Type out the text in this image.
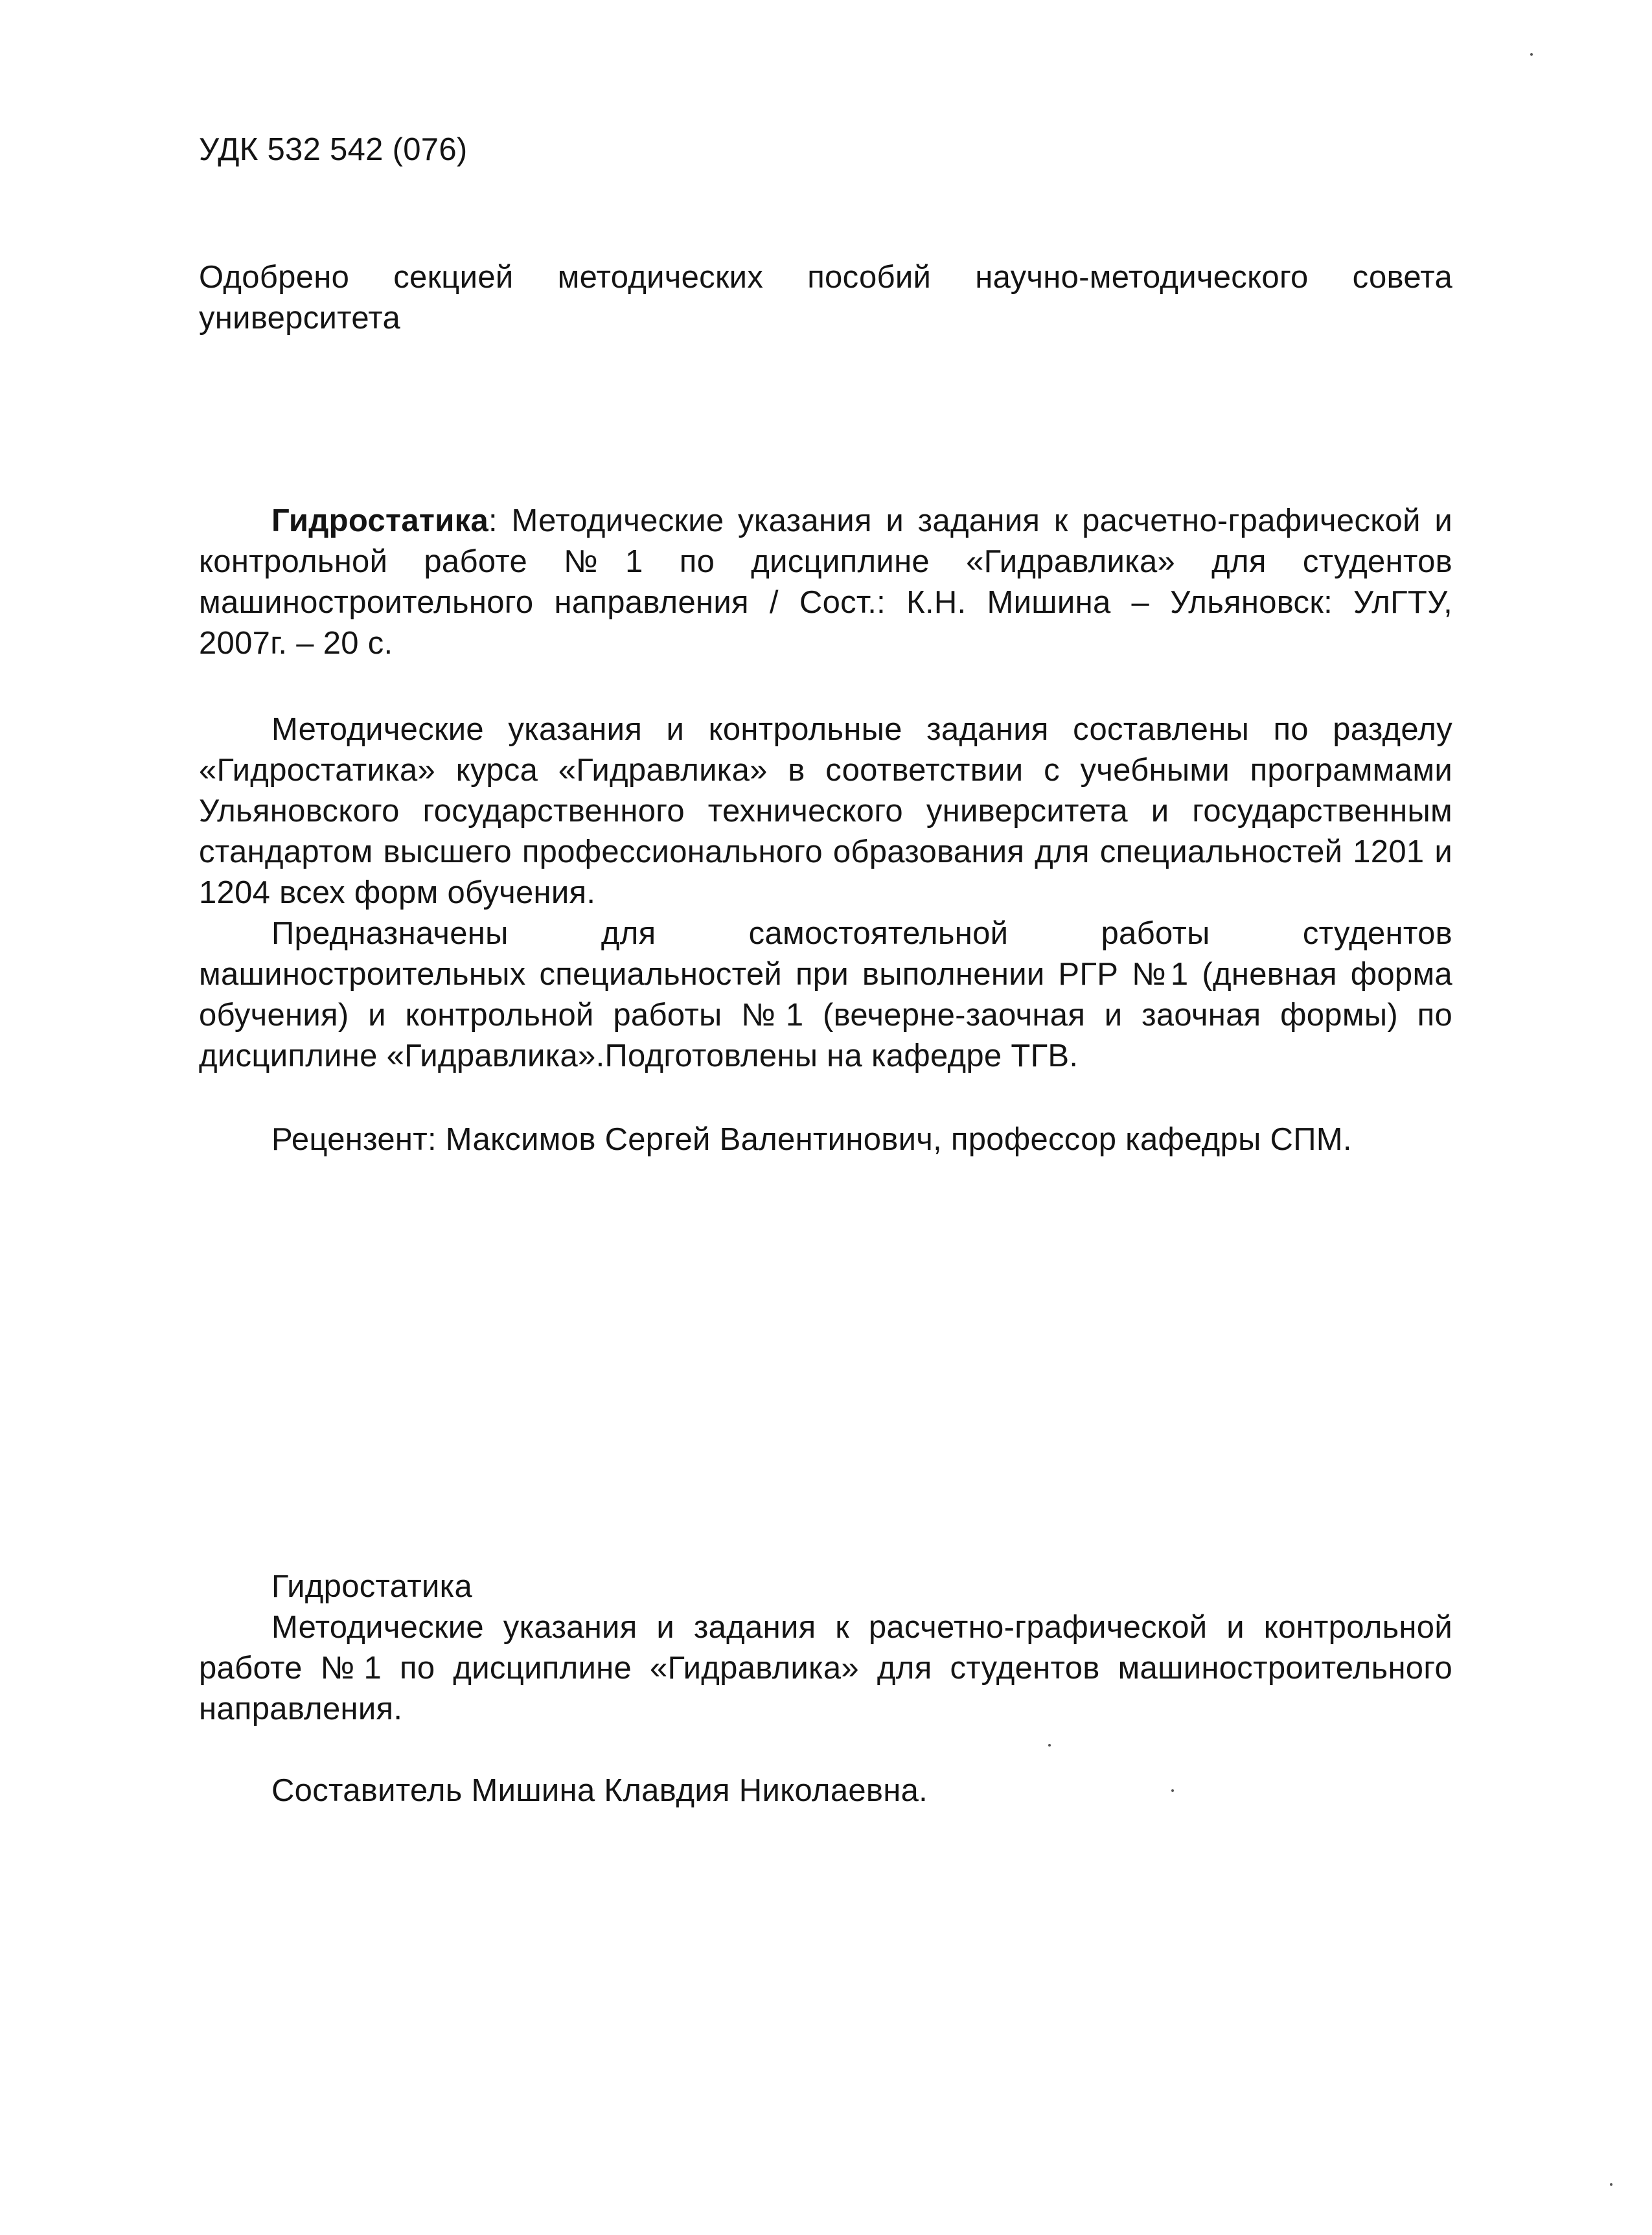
УДК 532 542 (076)

Одобрено секцией методических пособий научно-методического совета университета

Гидростатика: Методические указания и задания к расчетно-графической и контрольной работе №1 по дисциплине «Гидравлика» для студентов машиностроительного направления / Сост.: К.Н. Мишина – Ульяновск: УлГТУ, 2007г. – 20 с.

Методические указания и контрольные задания составлены по разделу «Гидростатика» курса «Гидравлика» в соответствии с учебными программами Ульяновского государственного технического университета и государственным стандартом высшего профессионального образования для специальностей 1201 и 1204 всех форм обучения.

Предназначены для самостоятельной работы студентов машиностроительных специальностей при выполнении РГР №1 (дневная форма обучения) и контрольной работы №1 (вечерне-заочная и заочная формы) по дисциплине «Гидравлика».Подготовлены на кафедре ТГВ.

Рецензент: Максимов Сергей Валентинович, профессор кафедры СПМ.

Гидростатика

Методические указания и задания к расчетно-графической и контрольной работе №1 по дисциплине «Гидравлика» для студентов машиностроительного направления.

Составитель Мишина Клавдия Николаевна.
